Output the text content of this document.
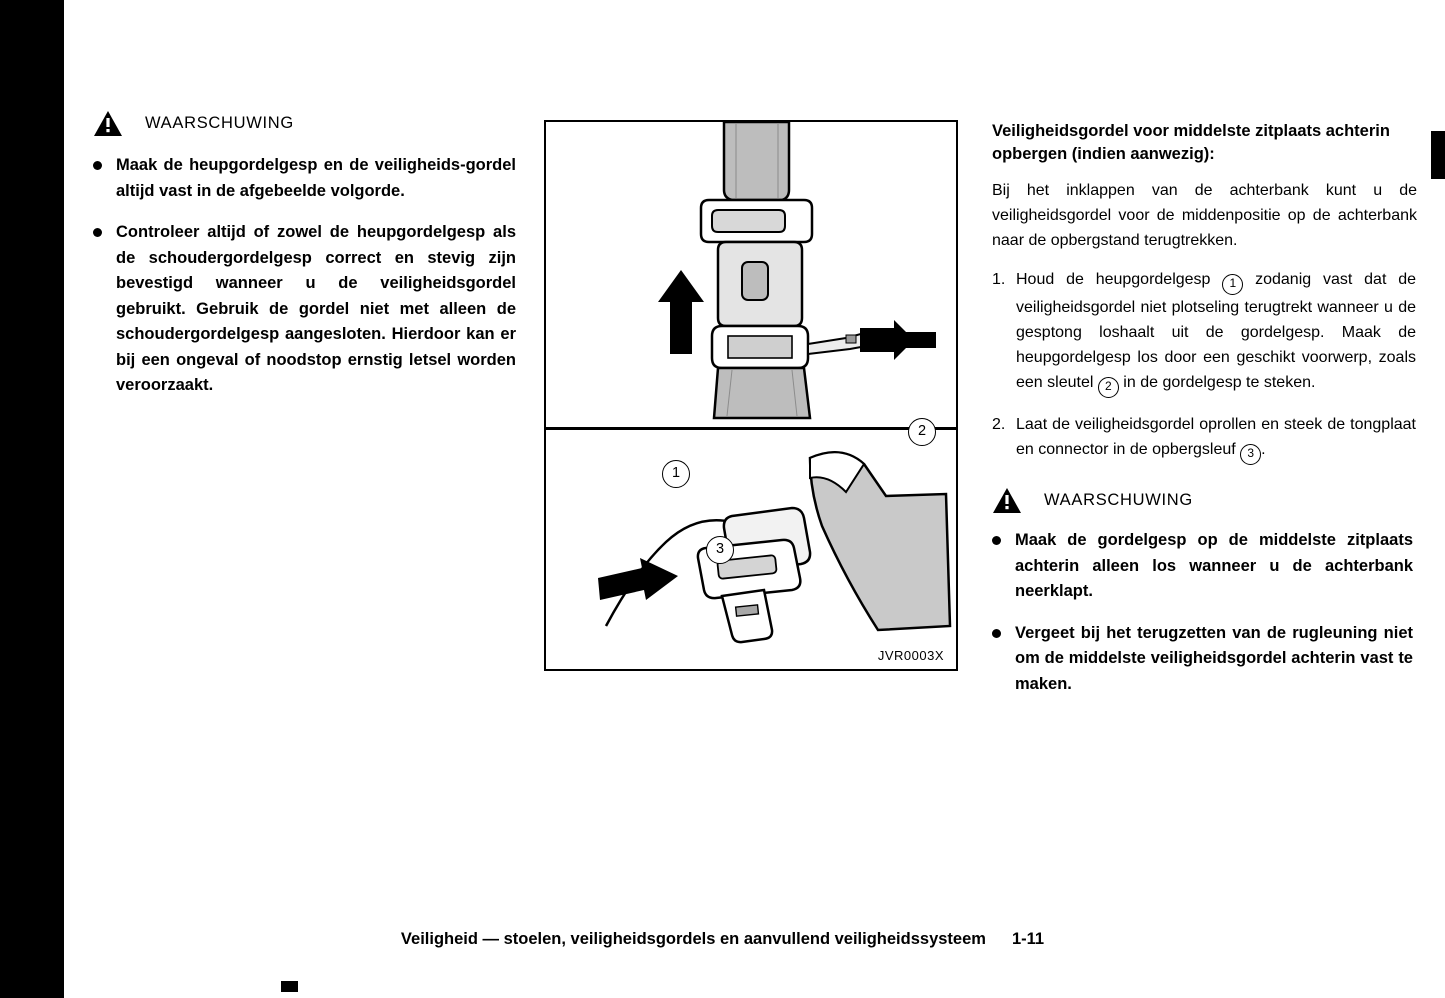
WAARSCHUWING
Maak de heupgordelgesp en de veiligheids-gordel altijd vast in de afgebeelde volgorde.
Controleer altijd of zowel de heupgordelgesp als de schoudergordelgesp correct en stevig zijn bevestigd wanneer u de veiligheidsgordel gebruikt. Gebruik de gordel niet met alleen de schoudergordelgesp aangesloten. Hierdoor kan er bij een ongeval of noodstop ernstig letsel worden veroorzaakt.
1
2
3
JVR0003X
Veiligheidsgordel voor middelste zitplaats achterin opbergen (indien aanwezig):
Bij het inklappen van de achterbank kunt u de veiligheidsgordel voor de middenpositie op de achterbank naar de opbergstand terugtrekken.
1. Houd de heupgordelgesp 1 zodanig vast dat de veiligheidsgordel niet plotseling terugtrekt wanneer u de gesptong loshaalt uit de gordelgesp. Maak de heupgordelgesp los door een geschikt voorwerp, zoals een sleutel 2 in de gordelgesp te steken.
2. Laat de veiligheidsgordel oprollen en steek de tongplaat en connector in de opbergsleuf 3 .
WAARSCHUWING
Maak de gordelgesp op de middelste zitplaats achterin alleen los wanneer u de achterbank neerklapt.
Vergeet bij het terugzetten van de rugleuning niet om de middelste veiligheidsgordel achterin vast te maken.
Veiligheid — stoelen, veiligheidsgordels en aanvullend veiligheidssysteem 1-11
